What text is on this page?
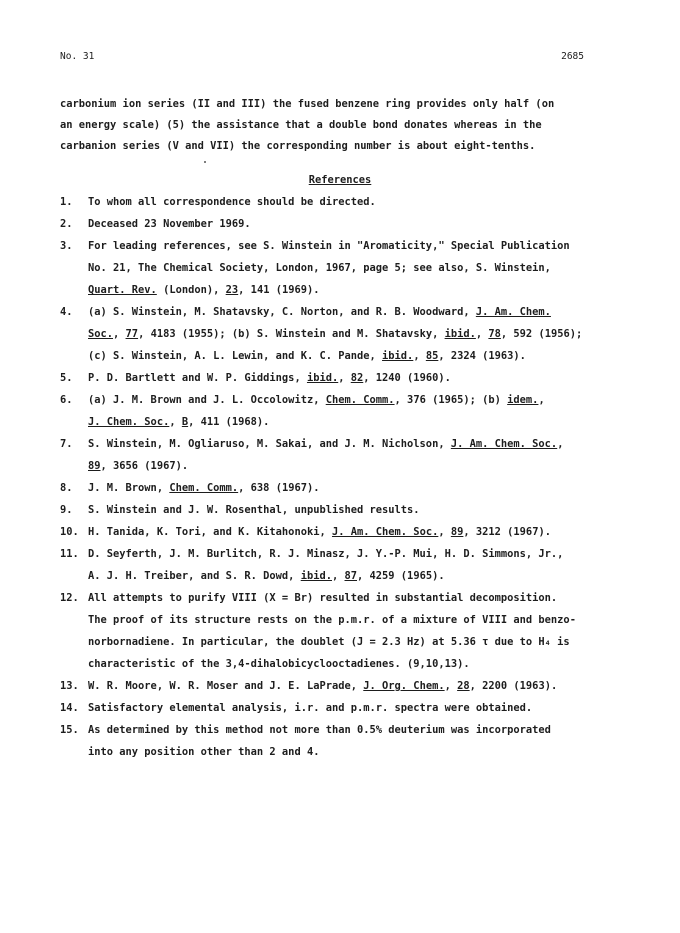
No. 31	2685
carbonium ion series (II and III) the fused benzene ring provides only half (on
an energy scale) (5) the assistance that a double bond donates whereas in the
carbanion series (V and VII) the corresponding number is about eight-tenths.
References
1.	To whom all correspondence should be directed.
2.	Deceased 23 November 1969.
3.	For leading references, see S. Winstein in "Aromaticity," Special Publication
No. 21, The Chemical Society, London, 1967, page 5; see also, S. Winstein,
Quart. Rev. (London), 23, 141 (1969).
4.	(a) S. Winstein, M. Shatavsky, C. Norton, and R. B. Woodward, J. Am. Chem.
Soc., 77, 4183 (1955); (b) S. Winstein and M. Shatavsky, ibid., 78, 592 (1956);
(c) S. Winstein, A. L. Lewin, and K. C. Pande, ibid., 85, 2324 (1963).
5.	P. D. Bartlett and W. P. Giddings, ibid., 82, 1240 (1960).
6.	(a) J. M. Brown and J. L. Occolowitz, Chem. Comm., 376 (1965); (b) idem.,
J. Chem. Soc., B, 411 (1968).
7.	S. Winstein, M. Ogliaruso, M. Sakai, and J. M. Nicholson, J. Am. Chem. Soc.,
89, 3656 (1967).
8.	J. M. Brown, Chem. Comm., 638 (1967).
9.	S. Winstein and J. W. Rosenthal, unpublished results.
10. H. Tanida, K. Tori, and K. Kitahonoki, J. Am. Chem. Soc., 89, 3212 (1967).
11. D. Seyferth, J. M. Burlitch, R. J. Minasz, J. Y.-P. Mui, H. D. Simmons, Jr.,
A. J. H. Treiber, and S. R. Dowd, ibid., 87, 4259 (1965).
12. All attempts to purify VIII (X = Br) resulted in substantial decomposition.
The proof of its structure rests on the p.m.r. of a mixture of VIII and benzo-
norbornadiene. In particular, the doublet (J = 2.3 Hz) at 5.36 τ due to H₄ is
characteristic of the 3,4-dihalobicyclooctadienes. (9,10,13).
13. W. R. Moore, W. R. Moser and J. E. LaPrade, J. Org. Chem., 28, 2200 (1963).
14. Satisfactory elemental analysis, i.r. and p.m.r. spectra were obtained.
15. As determined by this method not more than 0.5% deuterium was incorporated
into any position other than 2 and 4.
